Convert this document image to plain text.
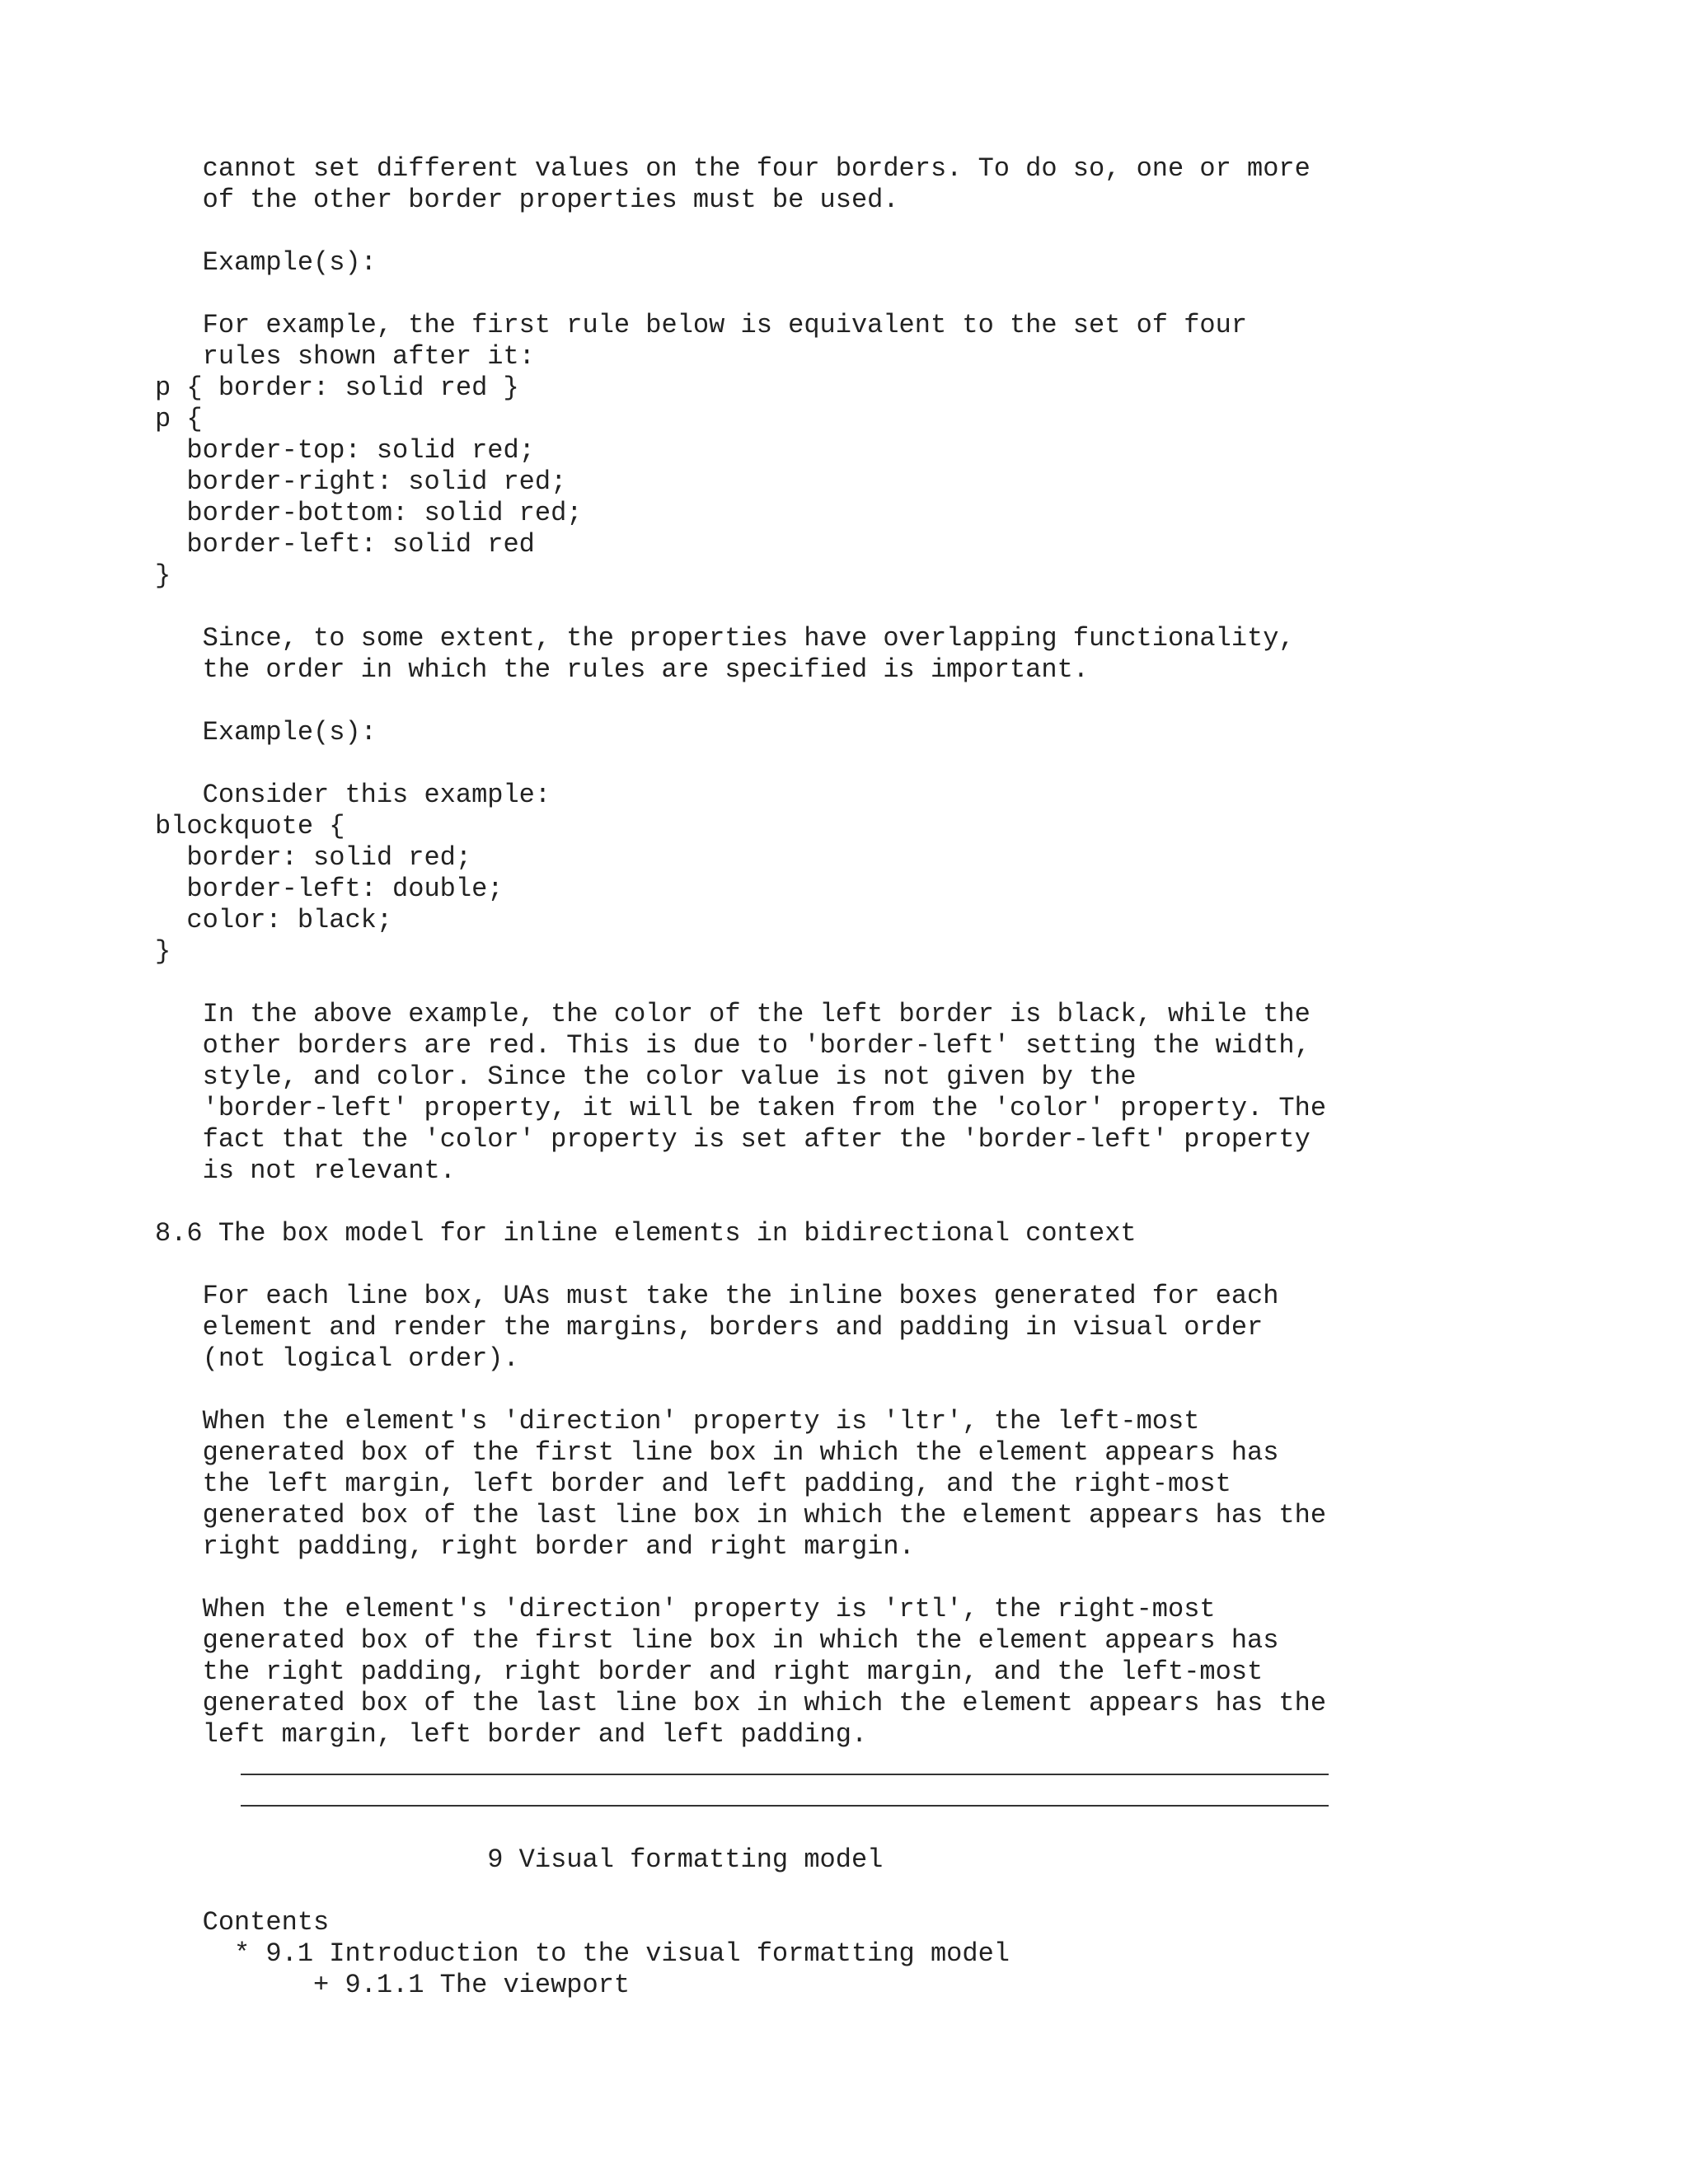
cannot set different values on the four borders. To do so, one or more
of the other border properties must be used.
Example(s):
For example, the first rule below is equivalent to the set of four
rules shown after it:
p { border: solid red }
p {
border-top: solid red;
border-right: solid red;
border-bottom: solid red;
border-left: solid red
}
Since, to some extent, the properties have overlapping functionality,
the order in which the rules are specified is important.
Example(s):
Consider this example:
blockquote {
border: solid red;
border-left: double;
color: black;
}
In the above example, the color of the left border is black, while the
other borders are red. This is due to 'border-left' setting the width,
style, and color. Since the color value is not given by the
'border-left' property, it will be taken from the 'color' property. The
fact that the 'color' property is set after the 'border-left' property
is not relevant.
8.6 The box model for inline elements in bidirectional context
For each line box, UAs must take the inline boxes generated for each
element and render the margins, borders and padding in visual order
(not logical order).
When the element's 'direction' property is 'ltr', the left-most
generated box of the first line box in which the element appears has
the left margin, left border and left padding, and the right-most
generated box of the last line box in which the element appears has the
right padding, right border and right margin.
When the element's 'direction' property is 'rtl', the right-most
generated box of the first line box in which the element appears has
the right padding, right border and right margin, and the left-most
generated box of the last line box in which the element appears has the
left margin, left border and left padding.
9 Visual formatting model
Contents
* 9.1 Introduction to the visual formatting model
+ 9.1.1 The viewport
